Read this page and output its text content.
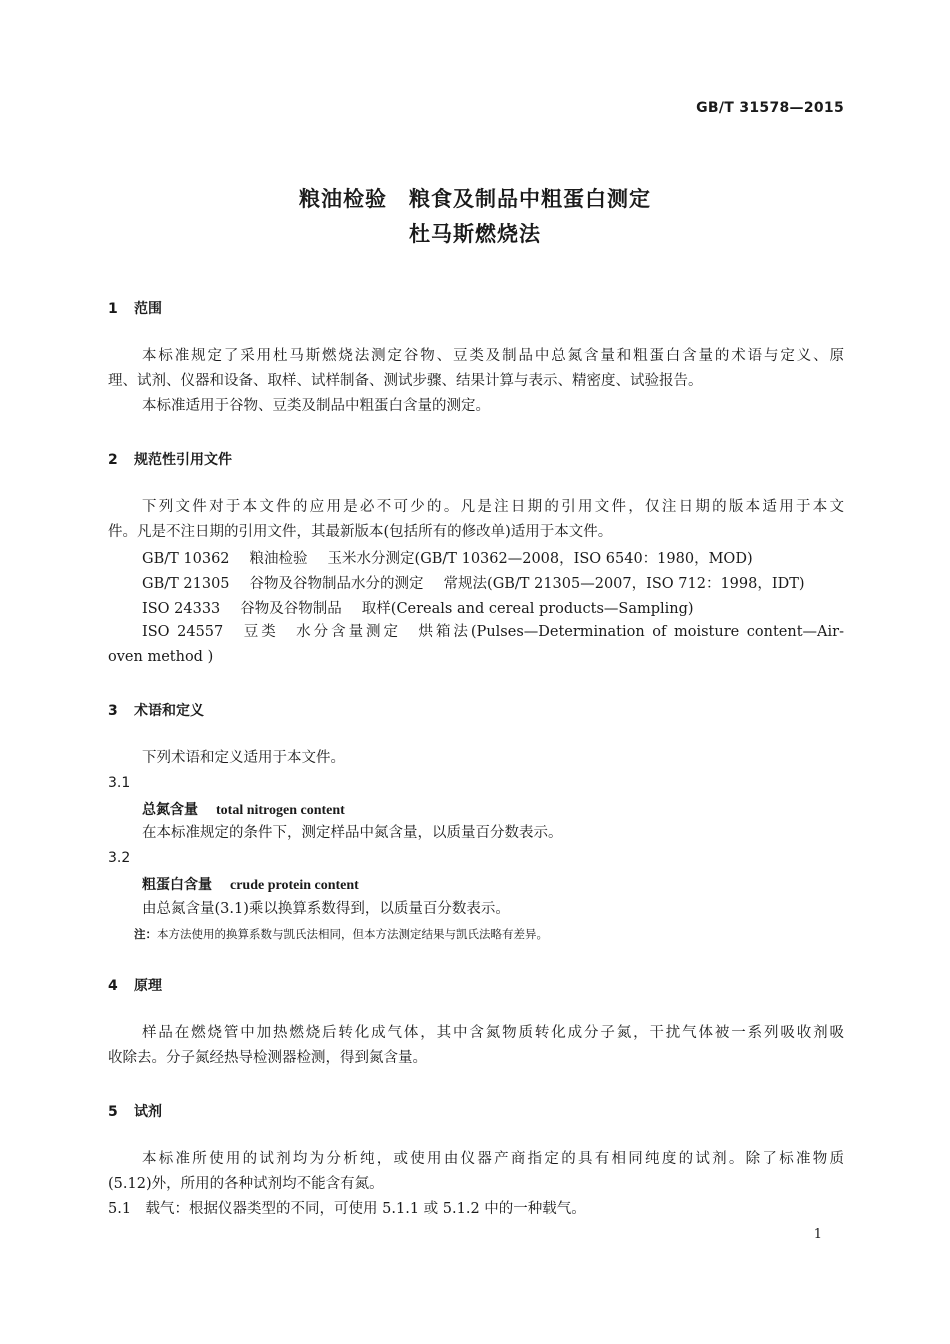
GB/T 31578—2015
粮油检验　粮食及制品中粗蛋白测定
杜马斯燃烧法
1 范围
本标准规定了采用杜马斯燃烧法测定谷物、豆类及制品中总氮含量和粗蛋白含量的术语与定义、原
理、试剂、仪器和设备、取样、试样制备、测试步骤、结果计算与表示、精密度、试验报告。
本标准适用于谷物、豆类及制品中粗蛋白含量的测定。
2 规范性引用文件
下列文件对于本文件的应用是必不可少的。凡是注日期的引用文件，仅注日期的版本适用于本文
件。凡是不注日期的引用文件，其最新版本(包括所有的修改单)适用于本文件。
GB/T 10362 粮油检验 玉米水分测定(GB/T 10362—2008，ISO 6540：1980，MOD)
GB/T 21305 谷物及谷物制品水分的测定 常规法(GB/T 21305—2007，ISO 712：1998，IDT)
ISO 24333 谷物及谷物制品 取样(Cereals and cereal products—Sampling)
ISO 24557　豆类　水分含量测定　烘箱法(Pulses—Determination of moisture content—Air-
oven method )
3 术语和定义
下列术语和定义适用于本文件。
3.1
总氮含量 total nitrogen content
在本标准规定的条件下，测定样品中氮含量，以质量百分数表示。
3.2
粗蛋白含量 crude protein content
由总氮含量(3.1)乘以换算系数得到，以质量百分数表示。
注：本方法使用的换算系数与凯氏法相同，但本方法测定结果与凯氏法略有差异。
4 原理
样品在燃烧管中加热燃烧后转化成气体，其中含氮物质转化成分子氮，干扰气体被一系列吸收剂吸
收除去。分子氮经热导检测器检测，得到氮含量。
5 试剂
本标准所使用的试剂均为分析纯，或使用由仪器产商指定的具有相同纯度的试剂。除了标准物质
(5.12)外，所用的各种试剂均不能含有氮。
5.1　载气：根据仪器类型的不同，可使用 5.1.1 或 5.1.2 中的一种载气。
1
